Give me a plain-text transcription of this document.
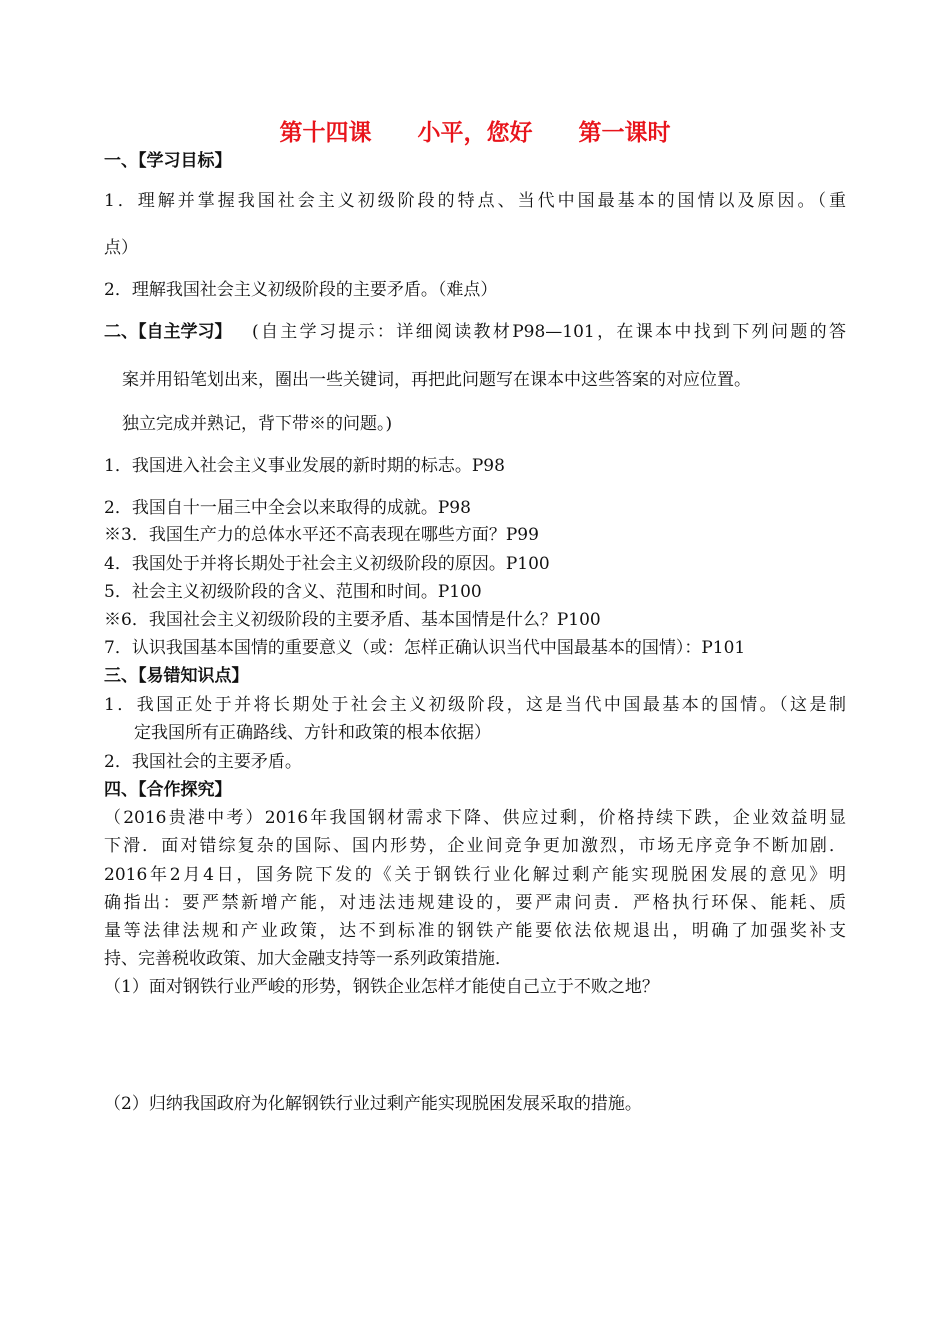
第十四课　　小平，您好　　第一课时
一、【学习目标】
1．理解并掌握我国社会主义初级阶段的特点、当代中国最基本的国情以及原因。（重
点）
2．理解我国社会主义初级阶段的主要矛盾。（难点）
二、【自主学习】 (自主学习提示：详细阅读教材P98—101，在课本中找到下列问题的答
案并用铅笔划出来，圈出一些关键词，再把此问题写在课本中这些答案的对应位置。
独立完成并熟记，背下带※的问题。)
1．我国进入社会主义事业发展的新时期的标志。P98
2．我国自十一届三中全会以来取得的成就。P98
※3．我国生产力的总体水平还不高表现在哪些方面？P99
4．我国处于并将长期处于社会主义初级阶段的原因。P100
5．社会主义初级阶段的含义、范围和时间。P100
※6．我国社会主义初级阶段的主要矛盾、基本国情是什么？P100
7．认识我国基本国情的重要意义（或：怎样正确认识当代中国最基本的国情）：P101
三、【易错知识点】
1．我国正处于并将长期处于社会主义初级阶段，这是当代中国最基本的国情。（这是制
定我国所有正确路线、方针和政策的根本依据）
2．我国社会的主要矛盾。
四、【合作探究】
（2016贵港中考）2016年我国钢材需求下降、供应过剩，价格持续下跌，企业效益明显
下滑．面对错综复杂的国际、国内形势，企业间竞争更加激烈，市场无序竞争不断加剧．
2016年2月4日，国务院下发的《关于钢铁行业化解过剩产能实现脱困发展的意见》明
确指出：要严禁新增产能，对违法违规建设的，要严肃问责．严格执行环保、能耗、质
量等法律法规和产业政策，达不到标准的钢铁产能要依法依规退出，明确了加强奖补支
持、完善税收政策、加大金融支持等一系列政策措施．
（1）面对钢铁行业严峻的形势，钢铁企业怎样才能使自己立于不败之地？
（2）归纳我国政府为化解钢铁行业过剩产能实现脱困发展采取的措施。
